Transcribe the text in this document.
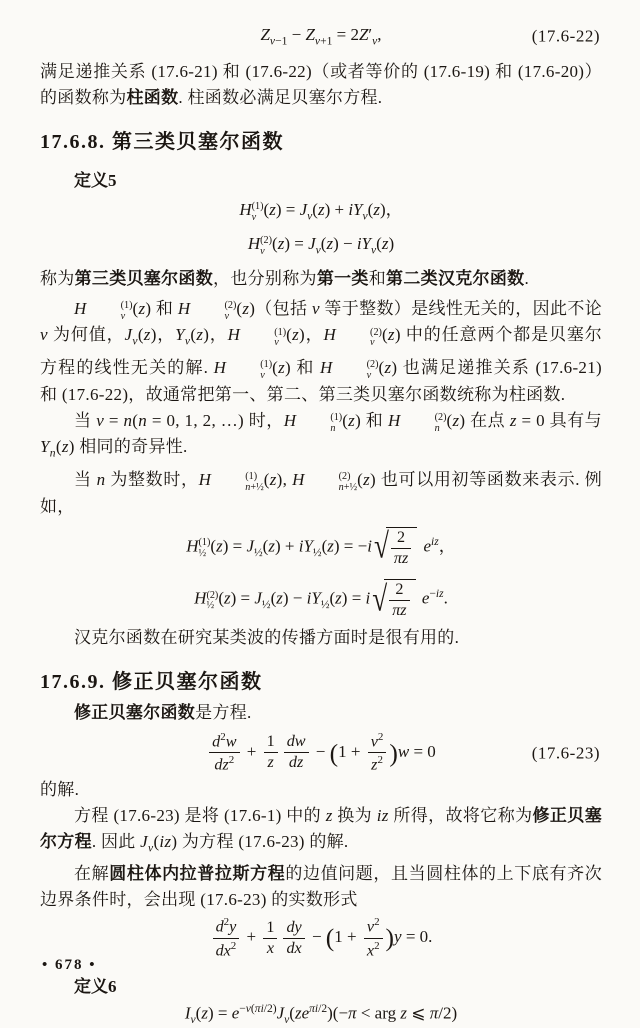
$Z_{\nu-1} - Z_{\nu+1} = 2Z'_\nu$,	(17.6-22)

满足递推关系 (17.6-21) 和 (17.6-22)（或者等价的 (17.6-19) 和 (17.6-20)）的函数称为柱函数. 柱函数必满足贝塞尔方程.

17.6.8. 第三类贝塞尔函数
定义5
H (1)
ν $(z) = J_\nu(z) + iY_\nu(z)$，
H (2)
ν $(z) = J_\nu(z) - iY_\nu(z)$

称为第三类贝塞尔函数，也分别称为第一类和第二类汉克尔函数.

H	(1)
ν (z) 和 H	(2)
ν (z)（包括 ν 等于整数）是线性无关的，因此不论 ν 为何值，$J_\nu(z)$，$Y_\nu(z)$，H	(1)
ν (z)，H	(2)
ν (z) 中的任意两个都是贝塞尔方程的线性无关的解. H	(1)
ν (z) 和 H	(2)
ν (z) 也满足递推关系 (17.6-21) 和 (17.6-22)，故通常把第一、第二、第三类贝塞尔函数统称为柱函数.

当 ν = n(n = 0, 1, 2, …) 时，H	(1)
n (z) 和 H	(2)
n (z) 在点 z = 0 具有与 $Y_n(z)$ 相同的奇异性.

当 n 为整数时，H	(1)
n+½ (z), H	(2)
n+½ (z) 也可以用初等函数来表示. 例如，

H (1)
½ $(z) = J_{\frac{1}{2}}(z) + iY_{\frac{1}{2}}(z) = -i√ \frac{2}{\pi z} e^{iz}$，
H (2)
½ $(z) = J_{\frac{1}{2}}(z) - iY_{\frac{1}{2}}(z) = i√ \frac{2}{\pi z} e^{-iz}$.

汉克尔函数在研究某类波的传播方面时是很有用的.

17.6.9. 修正贝塞尔函数

修正贝塞尔函数是方程.

$\frac{d^2w}{dz^2} + \frac{1}{z} \frac{dw}{dz} - (1 + \frac{\nu^2}{z^2} )w = 0$	(17.6-23)

的解.

方程 (17.6-23) 是将 (17.6-1) 中的 z 换为 iz 所得，故将它称为修正贝塞尔方程. 因此 $J_\nu(iz)$ 为方程 (17.6-23) 的解.

在解圆柱体内拉普拉斯方程的边值问题，且当圆柱体的上下底有齐次边界条件时，会出现 (17.6-23) 的实数形式

$\frac{d^2y}{dx^2} + \frac{1}{x} \frac{dy}{dx} - (1 + \frac{\nu^2}{x^2} )y = 0$.
定义6
$I_\nu(z) = e^{-\nu(\pi i/2)}J_\nu(ze^{\pi i/2})(-\pi$ < arg z ⩽ π/2)
• 678 •
